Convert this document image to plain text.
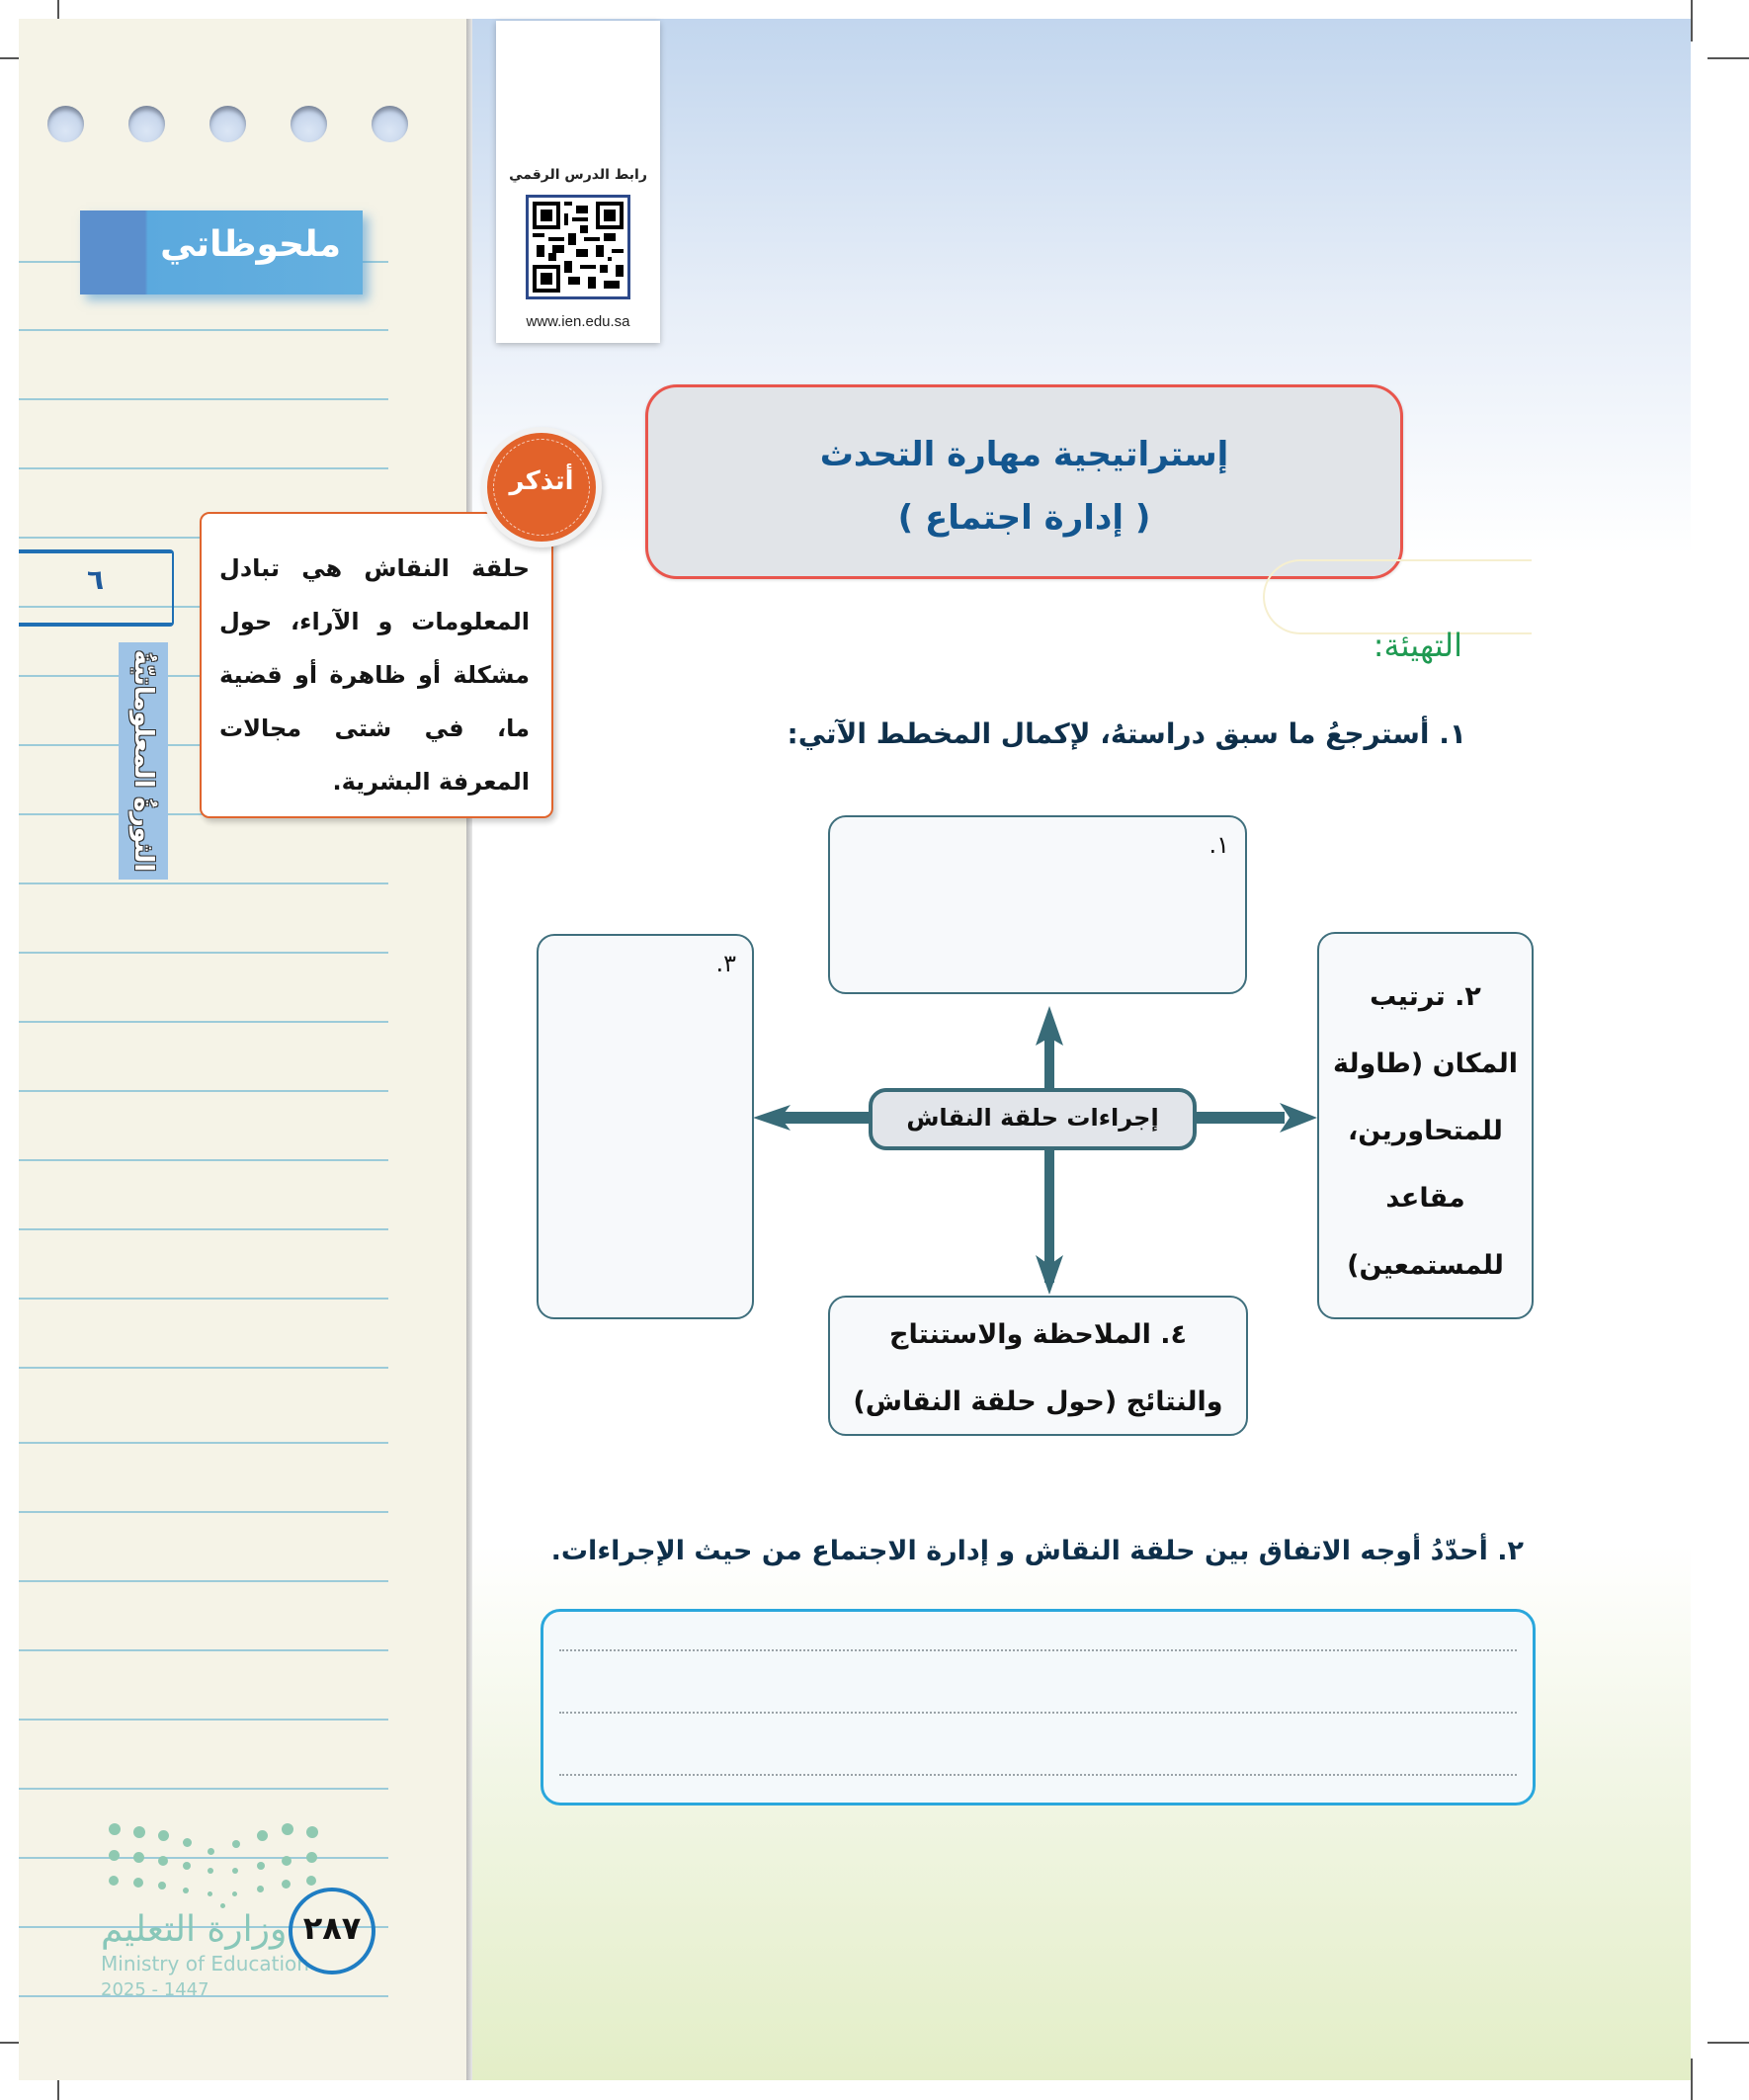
ملحوظاتي
٦
الثورةُ المعلوماتيّةُ
وزارة التعليم
Ministry of Education
2025 - 1447
٢٨٧
رابط الدرس الرقمي
www.ien.edu.sa
إستراتيجية مهارة التحدث
( إدارة اجتماع )
التهيئة:
١. أسترجعُ ما سبق دراستهُ، لإكمال المخطط الآتي:
حلقة النقاش هي تبادل المعلومات و الآراء، حول مشكلة أو ظاهرة أو قضية ما، في شتى مجالات المعرفة البشرية.
أتذكر
١.
٣.
٢. ترتيب
المكان (طاولة
للمتحاورين،
مقاعد
للمستمعين)
٤. الملاحظة والاستنتاج
والنتائج (حول حلقة النقاش)
إجراءات حلقة النقاش
٢. أحدّدُ أوجه الاتفاق بين حلقة النقاش و إدارة الاجتماع من حيث الإجراءات.
